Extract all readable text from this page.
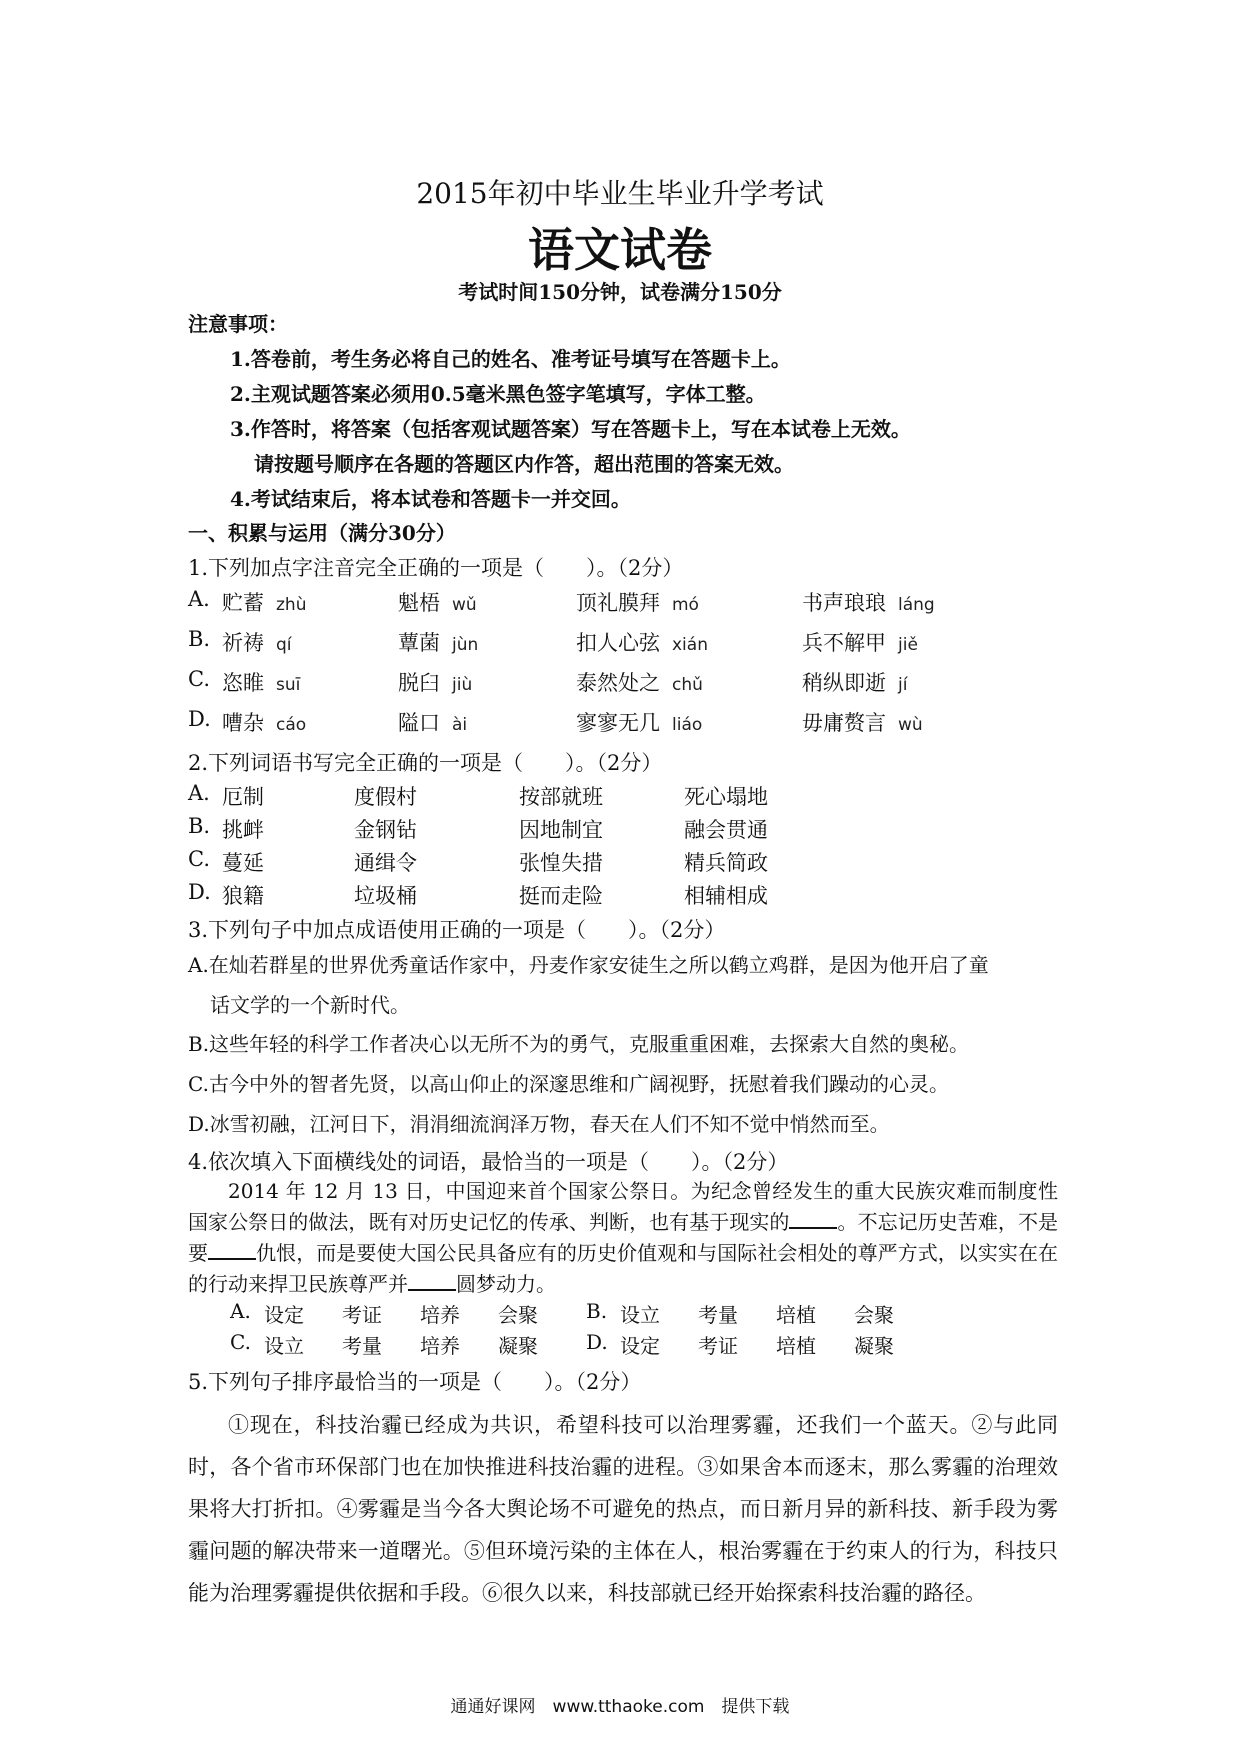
2015年初中毕业生毕业升学考试
语文试卷
考试时间150分钟，试卷满分150分
注意事项：
1.答卷前，考生务必将自己的姓名、准考证号填写在答题卡上。
2.主观试题答案必须用0.5毫米黑色签字笔填写，字体工整。
3.作答时，将答案（包括客观试题答案）写在答题卡上，写在本试卷上无效。
请按题号顺序在各题的答题区内作答，超出范围的答案无效。
4.考试结束后，将本试卷和答题卡一并交回。
一、积累与运用（满分30分）
1.下列加点字注音完全正确的一项是（　　）。（2分）
A. 贮蓄 zhù	魁梧 wǔ	顶礼膜拜 mó	书声琅琅 láng
B. 祈祷 qí	蕈菌 jùn	扣人心弦 xián	兵不解甲 jiě
C. 恣睢 suī	脱臼 jiù	泰然处之 chǔ	稍纵即逝 jí
D. 嘈杂 cáo	隘口 ài	寥寥无几 liáo	毋庸赘言 wù
2.下列词语书写完全正确的一项是（　　）。（2分）
A. 厄制	度假村	按部就班	死心塌地
B. 挑衅	金钢钻	因地制宜	融会贯通
C. 蔓延	通缉令	张惶失措	精兵简政
D. 狼籍	垃圾桶	挺而走险	相辅相成
3.下列句子中加点成语使用正确的一项是（　　）。（2分）
A.在灿若群星的世界优秀童话作家中，丹麦作家安徒生之所以鹤立鸡群，是因为他开启了童
话文学的一个新时代。
B.这些年轻的科学工作者决心以无所不为的勇气，克服重重困难，去探索大自然的奥秘。
C.古今中外的智者先贤，以高山仰止的深邃思维和广阔视野，抚慰着我们躁动的心灵。
D.冰雪初融，江河日下，涓涓细流润泽万物，春天在人们不知不觉中悄然而至。
4.依次填入下面横线处的词语，最恰当的一项是（　　）。（2分）
2014 年 12 月 13 日，中国迎来首个国家公祭日。为纪念曾经发生的重大民族灾难而制度性国家公祭日的做法，既有对历史记忆的传承、判断，也有基于现实的 。不忘记历史苦难，不是要 仇恨，而是要使大国公民具备应有的历史价值观和与国际社会相处的尊严方式，以实实在在的行动来捍卫民族尊严并 圆梦动力。
A. 设定 考证 培养 会聚 B. 设立 考量 培植 会聚
C. 设立 考量 培养 凝聚 D. 设定 考证 培植 凝聚
5.下列句子排序最恰当的一项是（　　）。（2分）
①现在，科技治霾已经成为共识，希望科技可以治理雾霾，还我们一个蓝天。②与此同时，各个省市环保部门也在加快推进科技治霾的进程。③如果舍本而逐末，那么雾霾的治理效果将大打折扣。④雾霾是当今各大舆论场不可避免的热点，而日新月异的新科技、新手段为雾霾问题的解决带来一道曙光。⑤但环境污染的主体在人，根治雾霾在于约束人的行为，科技只能为治理雾霾提供依据和手段。⑥很久以来，科技部就已经开始探索科技治霾的路径。
通通好课网　www.tthaoke.com　提供下载
